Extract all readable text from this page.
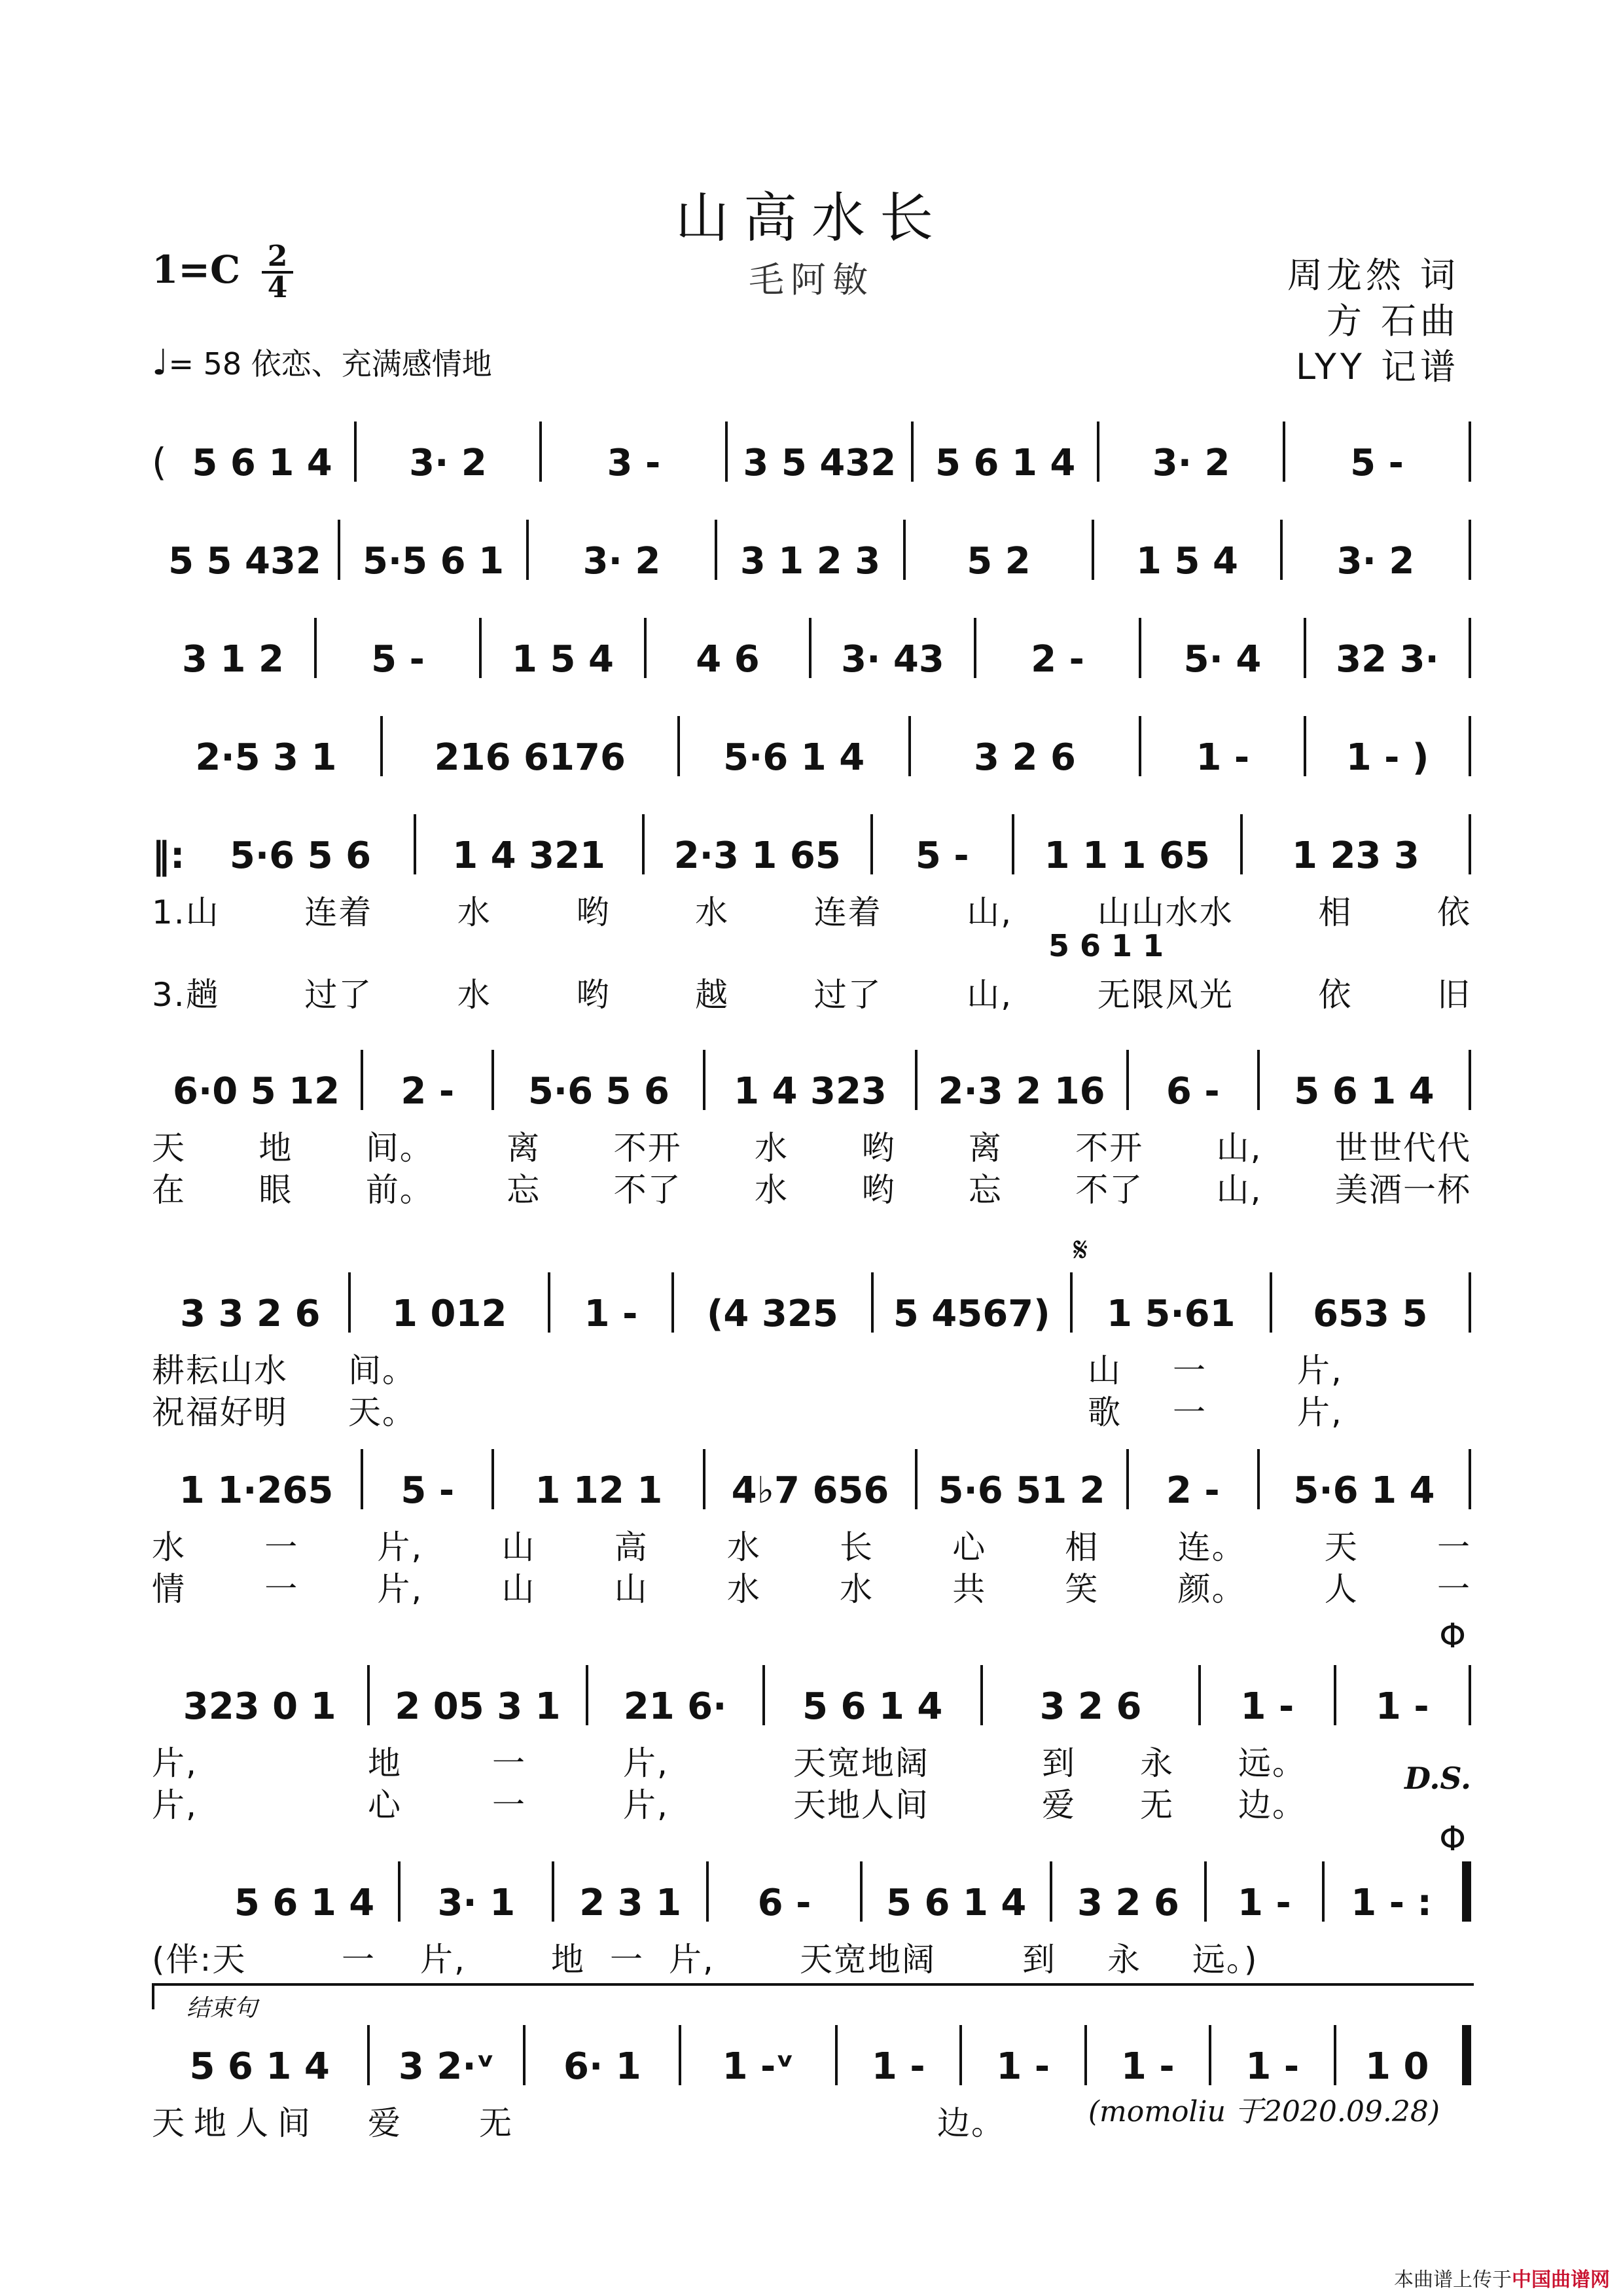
山高水长
毛阿敏
$1=C \frac{2}{4}$	周龙然 词
方 石曲
LYY 记谱
♩= 58 依恋、充满感情地
( 5 6 1 4	3· 2	3 -	3 5 432	5 6 1 4	3· 2	5 -
5 5 432	5·5 6 1	3· 2	3 1 2 3	5 2	1 5 4	3· 2
3 1 2	5 -	1 5 4	4 6	3· 43	2 -	5· 4	32 3·
2·5 3 1	216 6176	5·6 1 4	3 2 6	1 -	1 - )
‖:	5·6 5 6	1 4 321	2·3 1 65	5 -	1 1 1 65	1 23 3
1.山	连着	水	哟	水	连着	山,	山山水水	相	依
5 6 1 1
3.趟	过了	水	哟	越	过了	山,	无限风光	依	旧
6·0 5 12	2 -	5·6 5 6	1 4 323	2·3 2 16	6 -	5 6 1 4
天 地 间。 离 不开 水 哟 离 不开 山, 世世代代
在 眼 前。 忘 不了 水 哟 忘 不了 山, 美酒一杯
𝄋
3 3 2 6	1 012	1 -	(4 325	5 4567)	1 5·61	653 5
耕耘山水	间。	山	一	片,
祝福好明	天。	歌	一	片,
1 1·265	5 -	1 12 1	4♭7 656	5·6 51 2	2 -	5·6 1 4
水 一 片, 山 高 水 长 心 相 连。 天 一
情 一 片, 山 山 水 水 共 笑 颜。 人 一
Φ
323 0 1	2 05 3 1	21 6·	5 6 1 4	3 2 6	1 -	1 -
片,	地	一	片,	天宽地阔	到	永	远。
片,	心	一	片,	天地人间	爱	无	边。
D.S.
Φ
5 6 1 4	3· 1	2 3 1	6 -	5 6 1 4	3 2 6	1 -	1 - :
(伴:天	一	片,	地 一 片,	天宽地阔	到	永	远。)
结束句
5 6 1 4	3 2·ᵛ	6· 1	1 -ᵛ	1 -	1 -	1 -	1 -	1 0
天地人间	爱	无	边。	(momoliu 于2020.09.28)
本曲谱上传于中国曲谱网
